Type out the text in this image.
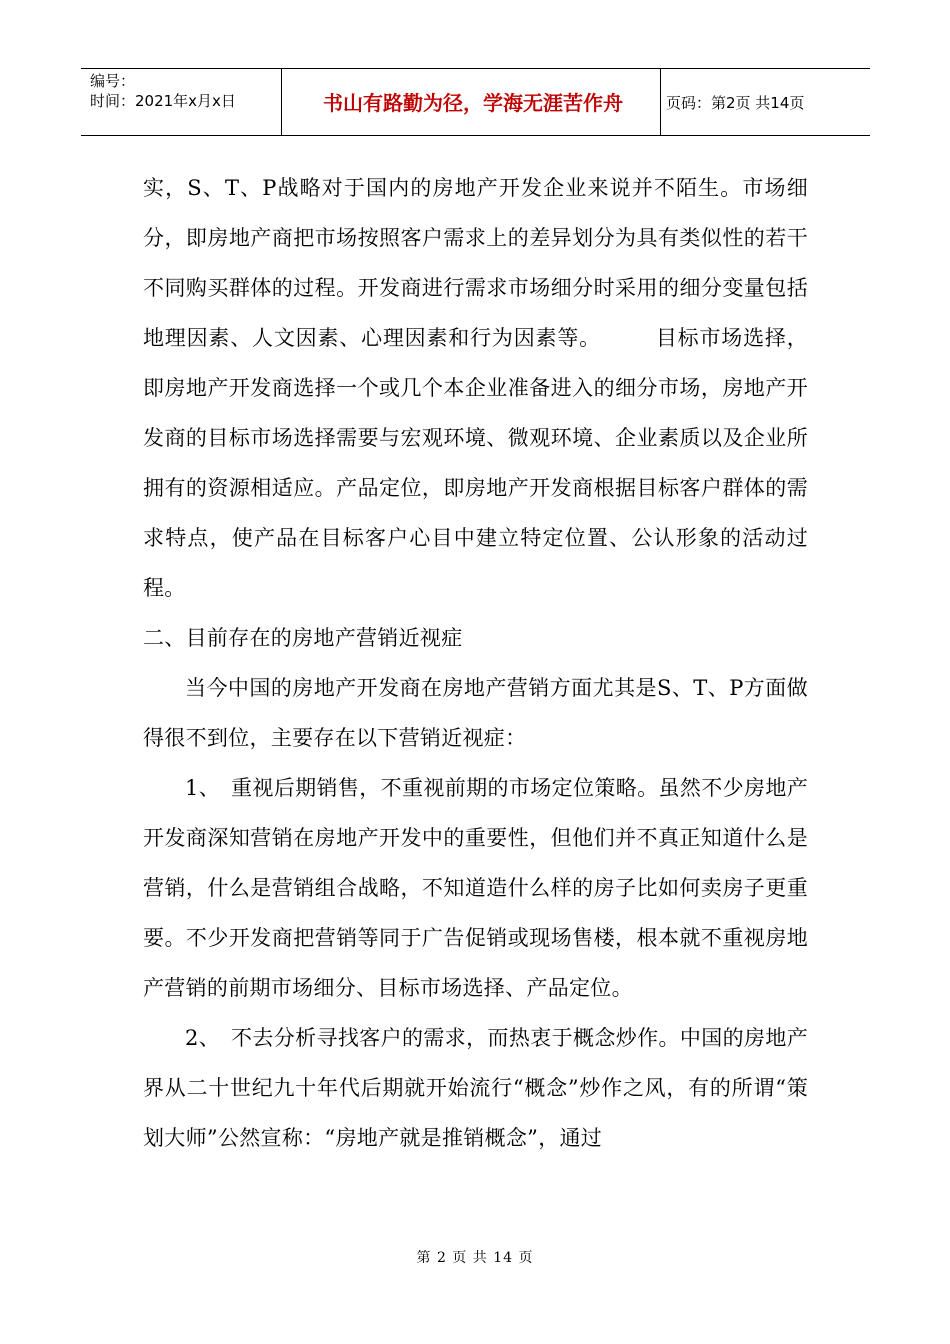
编号：
时间：2021年x月x日	书山有路勤为径，学海无涯苦作舟	页码：第2页 共14页

实，S、T、P战略对于国内的房地产开发企业来说并不陌生。市场细分，即房地产商把市场按照客户需求上的差异划分为具有类似性的若干不同购买群体的过程。开发商进行需求市场细分时采用的细分变量包括地理因素、人文因素、心理因素和行为因素等。　　　目标市场选择，即房地产开发商选择一个或几个本企业准备进入的细分市场，房地产开发商的目标市场选择需要与宏观环境、微观环境、企业素质以及企业所拥有的资源相适应。产品定位，即房地产开发商根据目标客户群体的需求特点，使产品在目标客户心目中建立特定位置、公认形象的活动过程。

二、目前存在的房地产营销近视症

当今中国的房地产开发商在房地产营销方面尤其是S、T、P方面做得很不到位，主要存在以下营销近视症：

1、　重视后期销售，不重视前期的市场定位策略。虽然不少房地产开发商深知营销在房地产开发中的重要性，但他们并不真正知道什么是营销，什么是营销组合战略，不知道造什么样的房子比如何卖房子更重要。不少开发商把营销等同于广告促销或现场售楼，根本就不重视房地产营销的前期市场细分、目标市场选择、产品定位。

2、　不去分析寻找客户的需求，而热衷于概念炒作。中国的房地产界从二十世纪九十年代后期就开始流行“概念”炒作之风，有的所谓“策划大师”公然宣称：“房地产就是推销概念”，通过

第 2 页 共 14 页
